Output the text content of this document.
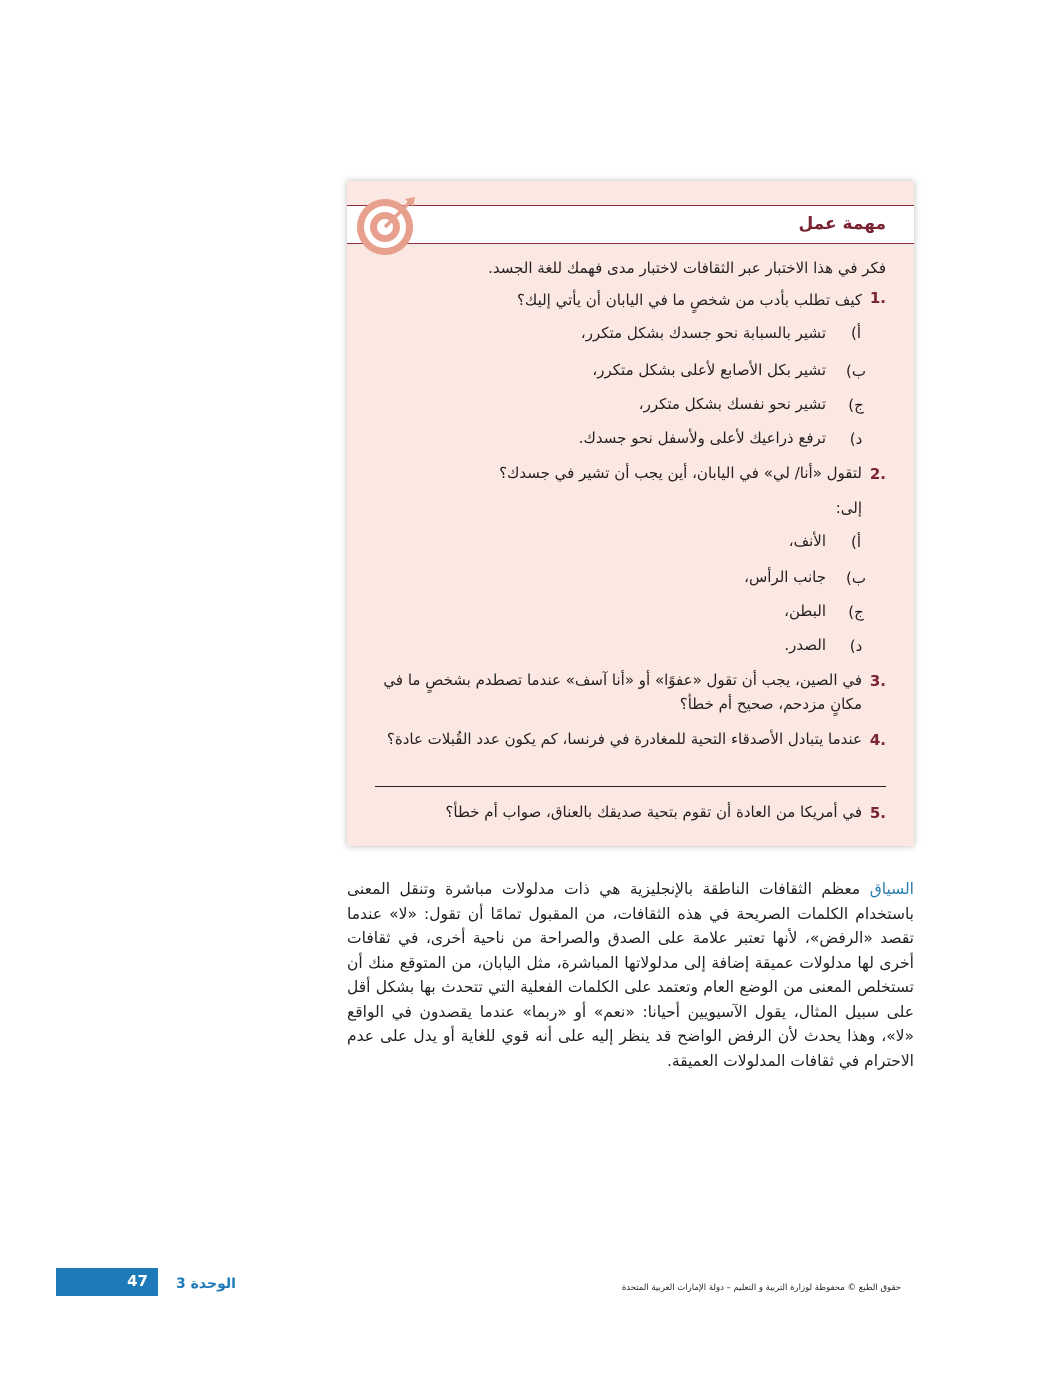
مهمة عمل
فكر في هذا الاختبار عبر الثقافات لاختبار مدى فهمك للغة الجسد.
1.
كيف تطلب بأدب من شخصٍ ما في اليابان أن يأتي إليك؟
أ)
تشير بالسبابة نحو جسدك بشكل متكرر،
ب)
تشير بكل الأصابع لأعلى بشكل متكرر،
ج)
تشير نحو نفسك بشكل متكرر،
د)
ترفع ذراعيك لأعلى ولأسفل نحو جسدك.
2.
لتقول «أنا/ لي» في اليابان، أين يجب أن تشير في جسدك؟
إلى:
أ)
الأنف،
ب)
جانب الرأس،
ج)
البطن،
د)
الصدر.
3.
في الصين، يجب أن تقول «عفوًا» أو «أنا آسف» عندما تصطدم بشخصٍ ما في
مكانٍ مزدحم، صحيح أم خطأ؟
4.
عندما يتبادل الأصدقاء التحية للمغادرة في فرنسا، كم يكون عدد القُبلات عادة؟
5.
في أمريكا من العادة أن تقوم بتحية صديقك بالعناق، صواب أم خطأ؟

السياق معظم الثقافات الناطقة بالإنجليزية هي ذات مدلولات مباشرة وتنقل المعنى باستخدام الكلمات الصريحة في هذه الثقافات، من المقبول تمامًا أن تقول: «لا» عندما تقصد «الرفض»، لأنها تعتبر علامة على الصدق والصراحة من ناحية أخرى، في ثقافات أخرى لها مدلولات عميقة إضافة إلى مدلولاتها المباشرة، مثل اليابان، من المتوقع منك أن تستخلص المعنى من الوضع العام وتعتمد على الكلمات الفعلية التي تتحدث بها بشكل أقل على سبيل المثال، يقول الآسيويين أحيانا: «نعم» أو «ربما» عندما يقصدون في الواقع «لا»، وهذا يحدث لأن الرفض الواضح قد ينظر إليه على أنه قوي للغاية أو يدل على عدم الاحترام في ثقافات المدلولات العميقة.

47 الوحدة 3	حقوق الطبع © محفوظة لوزارة التربية و التعليم – دولة الإمارات العربية المتحدة
